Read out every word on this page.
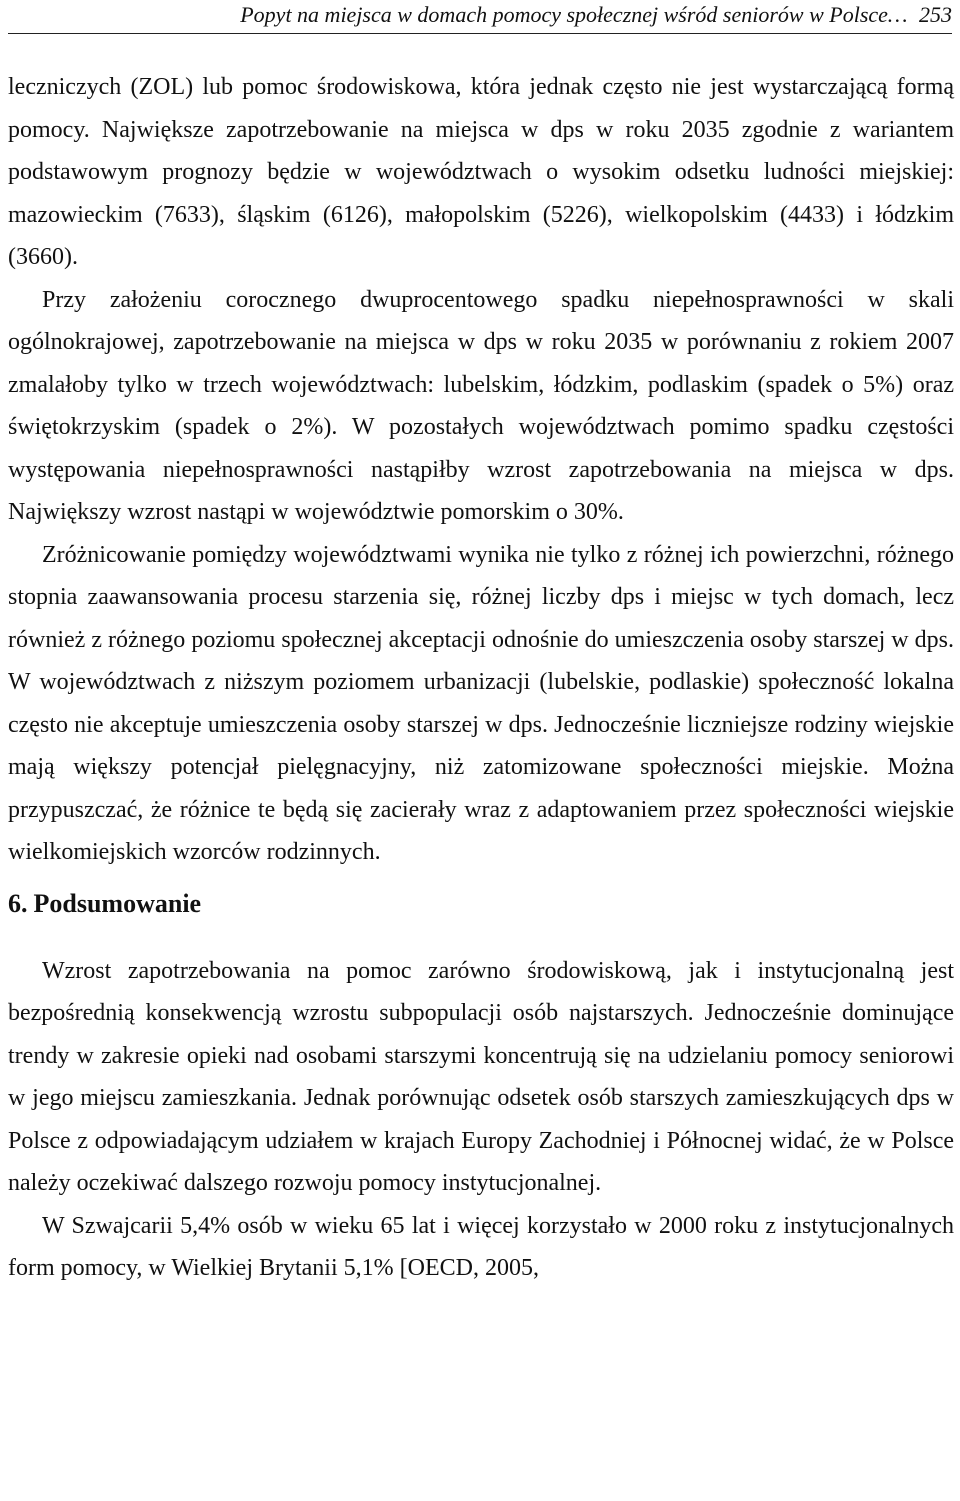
Popyt na miejsca w domach pomocy społecznej wśród seniorów w Polsce… 253

leczniczych (ZOL) lub pomoc środowiskowa, która jednak często nie jest wystarczającą formą pomocy. Największe zapotrzebowanie na miejsca w dps w roku 2035 zgodnie z wariantem podstawowym prognozy będzie w województwach o wysokim odsetku ludności miejskiej: mazowieckim (7633), śląskim (6126), małopolskim (5226), wielkopolskim (4433) i łódzkim (3660).

Przy założeniu corocznego dwuprocentowego spadku niepełnosprawności w skali ogólnokrajowej, zapotrzebowanie na miejsca w dps w roku 2035 w porównaniu z rokiem 2007 zmalałoby tylko w trzech województwach: lubelskim, łódzkim, podlaskim (spadek o 5%) oraz świętokrzyskim (spadek o 2%). W pozostałych województwach pomimo spadku częstości występowania niepełnosprawności nastąpiłby wzrost zapotrzebowania na miejsca w dps. Największy wzrost nastąpi w województwie pomorskim o 30%.

Zróżnicowanie pomiędzy województwami wynika nie tylko z różnej ich powierzchni, różnego stopnia zaawansowania procesu starzenia się, różnej liczby dps i miejsc w tych domach, lecz również z różnego poziomu społecznej akceptacji odnośnie do umieszczenia osoby starszej w dps. W województwach z niższym poziomem urbanizacji (lubelskie, podlaskie) społeczność lokalna często nie akceptuje umieszczenia osoby starszej w dps. Jednocześnie liczniejsze rodziny wiejskie mają większy potencjał pielęgnacyjny, niż zatomizowane społeczności miejskie. Można przypuszczać, że różnice te będą się zacierały wraz z adaptowaniem przez społeczności wiejskie wielkomiejskich wzorców rodzinnych.

6. Podsumowanie

Wzrost zapotrzebowania na pomoc zarówno środowiskową, jak i instytucjonalną jest bezpośrednią konsekwencją wzrostu subpopulacji osób najstarszych. Jednocześnie dominujące trendy w zakresie opieki nad osobami starszymi koncentrują się na udzielaniu pomocy seniorowi w jego miejscu zamieszkania. Jednak porównując odsetek osób starszych zamieszkujących dps w Polsce z odpowiadającym udziałem w krajach Europy Zachodniej i Północnej widać, że w Polsce należy oczekiwać dalszego rozwoju pomocy instytucjonalnej.

W Szwajcarii 5,4% osób w wieku 65 lat i więcej korzystało w 2000 roku z instytucjonalnych form pomocy, w Wielkiej Brytanii 5,1% [OECD, 2005,
